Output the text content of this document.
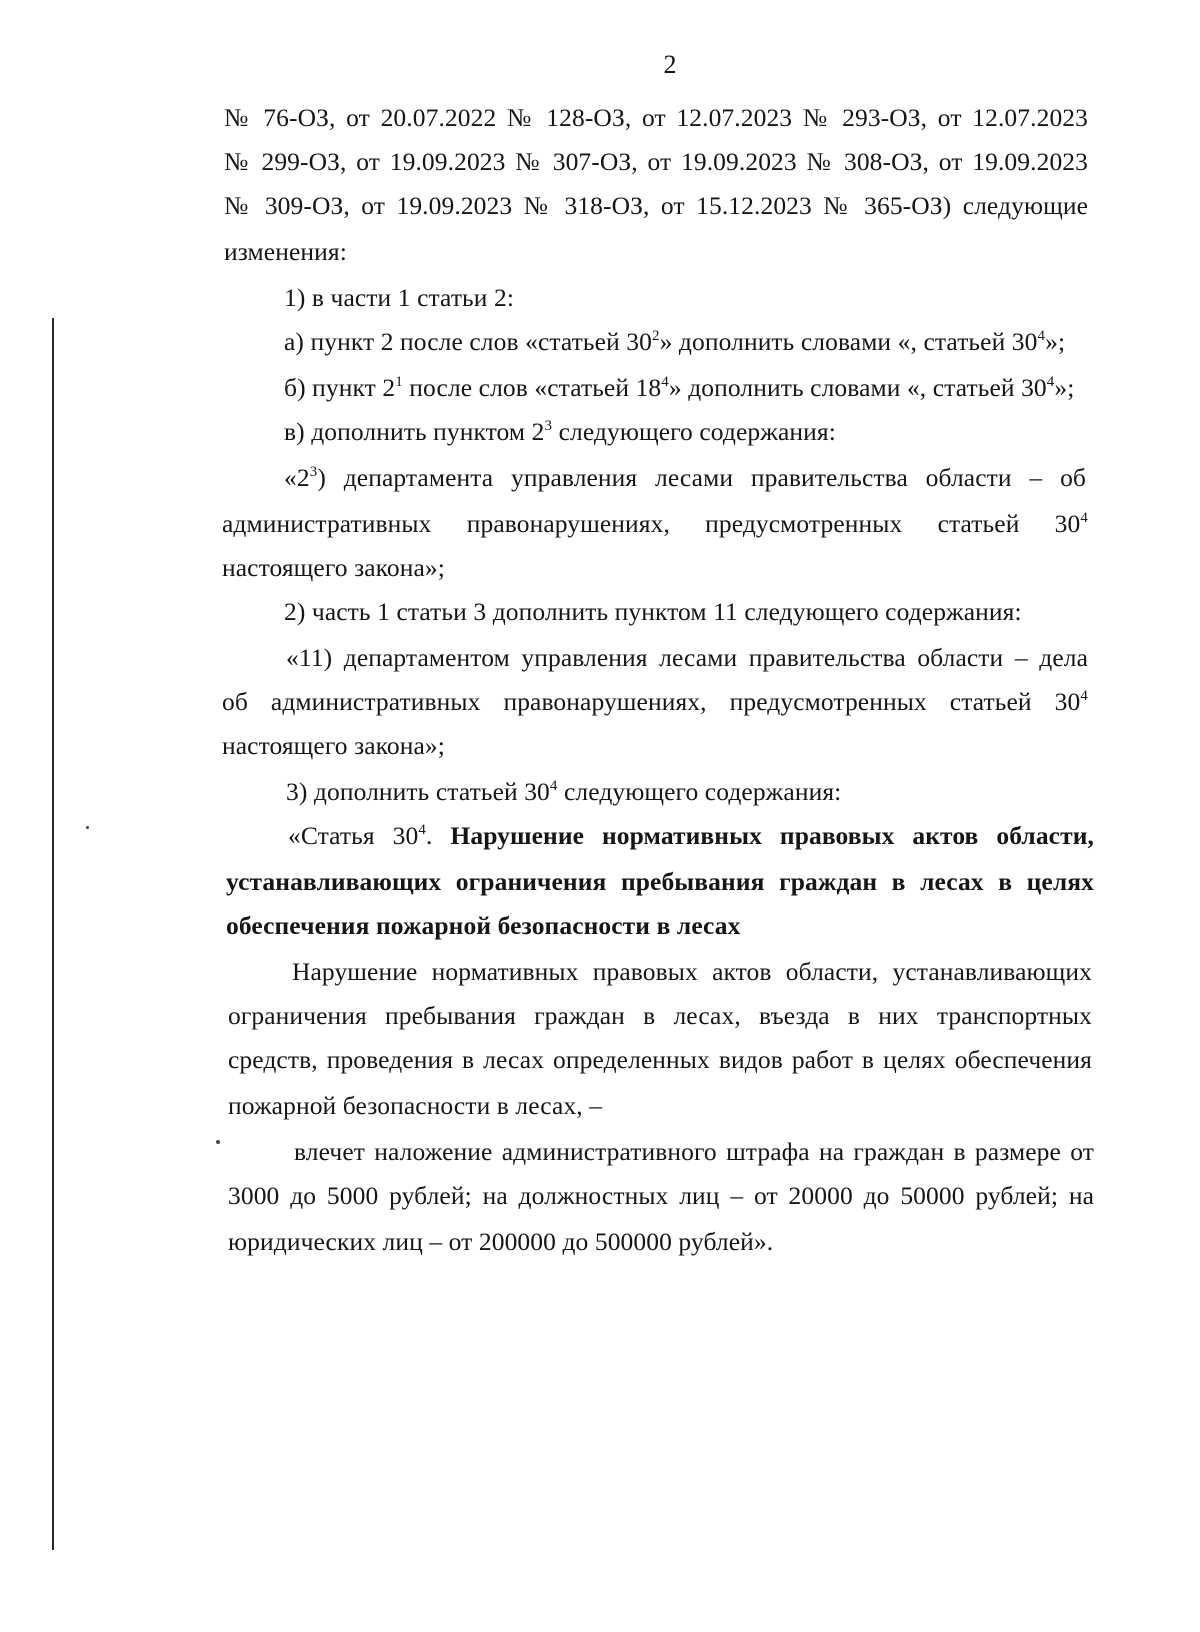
2
№ 76-ОЗ, от 20.07.2022 № 128-ОЗ, от 12.07.2023 № 293-ОЗ, от 12.07.2023
№ 299-ОЗ, от 19.09.2023 № 307-ОЗ, от 19.09.2023 № 308-ОЗ, от 19.09.2023
№ 309-ОЗ, от 19.09.2023 № 318-ОЗ, от 15.12.2023 № 365-ОЗ) следующие
изменения:
1) в части 1 статьи 2:
а) пункт 2 после слов «статьей $30^2$» дополнить словами «, статьей $30^4$»;
б) пункт $2^1$ после слов «статьей $18^4$» дополнить словами «, статьей $30^4$»;
в) дополнить пунктом $2^3$ следующего содержания:
«$2^3$) департамента управления лесами правительства области – об
административных правонарушениях, предусмотренных статьей $30^4$
настоящего закона»;
2) часть 1 статьи 3 дополнить пунктом 11 следующего содержания:
«11) департаментом управления лесами правительства области – дела
об административных правонарушениях, предусмотренных статьей $30^4$
настоящего закона»;
3) дополнить статьей $30^4$ следующего содержания:
«Статья $30^4$. Нарушение нормативных правовых актов области,
устанавливающих ограничения пребывания граждан в лесах в целях
обеспечения пожарной безопасности в лесах
Нарушение нормативных правовых актов области, устанавливающих
ограничения пребывания граждан в лесах, въезда в них транспортных
средств, проведения в лесах определенных видов работ в целях обеспечения
пожарной безопасности в лесах, –
влечет наложение административного штрафа на граждан в размере от
3000 до 5000 рублей; на должностных лиц – от 20000 до 50000 рублей; на
юридических лиц – от 200000 до 500000 рублей».
